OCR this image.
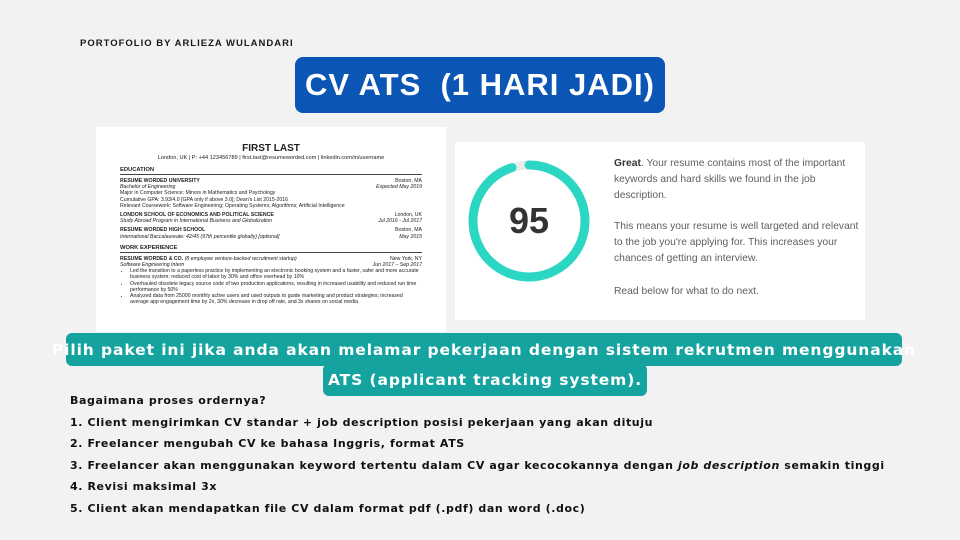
PORTOFOLIO BY ARLIEZA WULANDARI
CV ATS  (1 HARI JADI)
FIRST LAST
London, UK | P: +44 123456789 | first.last@resumeworded.com | linkedin.com/in/username
EDUCATION
RESUME WORDED UNIVERSITY	Boston, MA
Bachelor of Engineering	Expected May 2019
Major in Computer Science; Minors in Mathematics and Psychology
Cumulative GPA: 3.93/4.0 [GPA only if above 3.0]; Dean's List 2015-2016
Relevant Coursework: Software Engineering; Operating Systems; Algorithms; Artificial Intelligence
LONDON SCHOOL OF ECONOMICS AND POLITICAL SCIENCE	London, UK
Study Abroad Program in International Business and Globalization	Jul 2016 - Jul 2017
RESUME WORDED HIGH SCHOOL	Boston, MA
International Baccalaureate: 42/45 (97th percentile globally) [optional]	May 2015
WORK EXPERIENCE
RESUME WORDED & CO. (8 employee venture-backed recruitment startup)	New York, NY
Software Engineering Intern	Jun 2017 – Sep 2017
• Led the transition to a paperless practice by implementing an electronic booking system and a faster, safer and more accurate business system; reduced cost of labor by 30% and office overhead by 10%
• Overhauled obsolete legacy source code of two production applications, resulting in increased usability and reduced run time performance by 50%
• Analyzed data from 25000 monthly active users and used outputs to guide marketing and product strategies; increased average app engagement time by 2x, 30% decrease in drop off rate, and 3x shares on social media
95
Great. Your resume contains most of the important keywords and hard skills we found in the job description.
This means your resume is well targeted and relevant to the job you're applying for. This increases your chances of getting an interview.
Read below for what to do next.
Pilih paket ini jika anda akan melamar pekerjaan dengan sistem rekrutmen menggunakan
ATS (applicant tracking system).
Bagaimana proses ordernya?
1. Client mengirimkan CV standar + job description posisi pekerjaan yang akan dituju
2. Freelancer mengubah CV ke bahasa Inggris, format ATS
3. Freelancer akan menggunakan keyword tertentu dalam CV agar kecocokannya dengan job description semakin tinggi
4. Revisi maksimal 3x
5. Client akan mendapatkan file CV dalam format pdf (.pdf) dan word (.doc)
